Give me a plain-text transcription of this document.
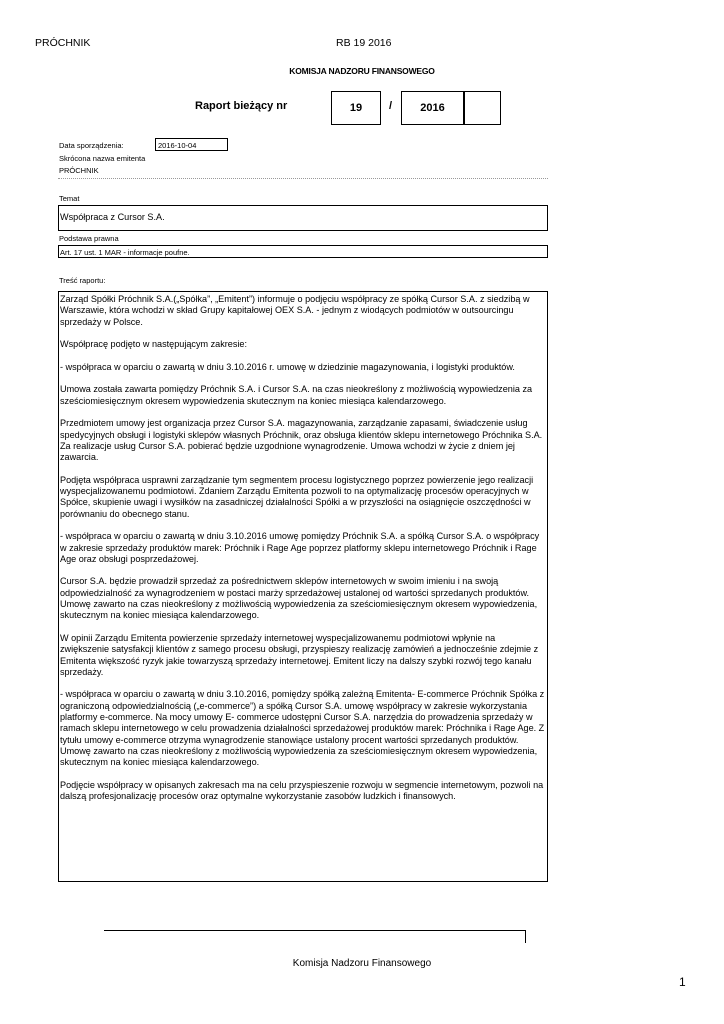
PRÓCHNIK	RB 19 2016
KOMISJA NADZORU FINANSOWEGO
Raport bieżący nr	19 /	2016
Data sporządzenia:	2016-10-04
Skrócona nazwa emitenta
PRÓCHNIK
Temat
Współpraca z Cursor S.A.
Podstawa prawna
Art. 17 ust. 1 MAR - informacje poufne.
Treść raportu:

Zarząd Spółki Próchnik S.A.(„Spółka”, „Emitent”) informuje o podjęciu współpracy ze spółką Cursor S.A. z siedzibą w Warszawie, która wchodzi w skład Grupy kapitałowej OEX S.A. - jednym z wiodących podmiotów w outsourcingu sprzedaży w Polsce.

Współpracę podjęto w następującym zakresie:

- współpraca w oparciu o zawartą w dniu 3.10.2016 r. umowę w dziedzinie magazynowania, i logistyki produktów.

Umowa została zawarta pomiędzy Próchnik S.A. i Cursor S.A. na czas nieokreślony z możliwością wypowiedzenia za sześciomiesięcznym okresem wypowiedzenia skutecznym na koniec miesiąca kalendarzowego.

Przedmiotem umowy jest organizacja przez Cursor S.A. magazynowania, zarządzanie zapasami, świadczenie usług spedycyjnych obsługi i logistyki sklepów własnych Próchnik, oraz obsługa klientów sklepu internetowego Próchnika S.A. Za realizacje usług Cursor S.A. pobierać będzie uzgodnione wynagrodzenie. Umowa wchodzi w życie z dniem jej zawarcia.

Podjęta współpraca usprawni zarządzanie tym segmentem procesu logistycznego poprzez powierzenie jego realizacji wyspecjalizowanemu podmiotowi. Zdaniem Zarządu Emitenta pozwoli to na optymalizację procesów operacyjnych w Spółce, skupienie uwagi i wysiłków na zasadniczej działalności Spółki a w przyszłości na osiągnięcie oszczędności w porównaniu do obecnego stanu.

- współpraca w oparciu o zawartą w dniu 3.10.2016 umowę pomiędzy Próchnik S.A. a spółką Cursor S.A. o współpracy w zakresie sprzedaży produktów marek: Próchnik i Rage Age poprzez platformy sklepu internetowego Próchnik i Rage Age oraz obsługi posprzedażowej.

Cursor S.A. będzie prowadził sprzedaż za pośrednictwem sklepów internetowych w swoim imieniu i na swoją odpowiedzialność za wynagrodzeniem w postaci marży sprzedażowej ustalonej od wartości sprzedanych produktów. Umowę zawarto na czas nieokreślony z możliwością wypowiedzenia za sześciomiesięcznym okresem wypowiedzenia, skutecznym na koniec miesiąca kalendarzowego.

W opinii Zarządu Emitenta powierzenie sprzedaży internetowej wyspecjalizowanemu podmiotowi wpłynie na zwiększenie satysfakcji klientów z samego procesu obsługi, przyspieszy realizację zamówień a jednocześnie zdejmie z Emitenta większość ryzyk jakie towarzyszą sprzedaży internetowej. Emitent liczy na dalszy szybki rozwój tego kanału sprzedaży.

- współpraca w oparciu o zawartą w dniu 3.10.2016, pomiędzy spółką zależną Emitenta- E-commerce Próchnik Spółka z ograniczoną odpowiedzialnością („e-commerce”) a spółką Cursor S.A. umowę współpracy w zakresie wykorzystania platformy e-commerce. Na mocy umowy E- commerce udostępni Cursor S.A. narzędzia do prowadzenia sprzedaży w ramach sklepu internetowego w celu prowadzenia działalności sprzedażowej produktów marek: Próchnika i Rage Age. Z tytułu umowy e-commerce otrzyma wynagrodzenie stanowiące ustalony procent wartości sprzedanych produktów. Umowę zawarto na czas nieokreślony z możliwością wypowiedzenia za sześciomiesięcznym okresem wypowiedzenia, skutecznym na koniec miesiąca kalendarzowego.

Podjęcie współpracy w opisanych zakresach ma na celu przyspieszenie rozwoju w segmencie internetowym, pozwoli na dalszą profesjonalizację procesów oraz optymalne wykorzystanie zasobów ludzkich i finansowych.

Komisja Nadzoru Finansowego
1
